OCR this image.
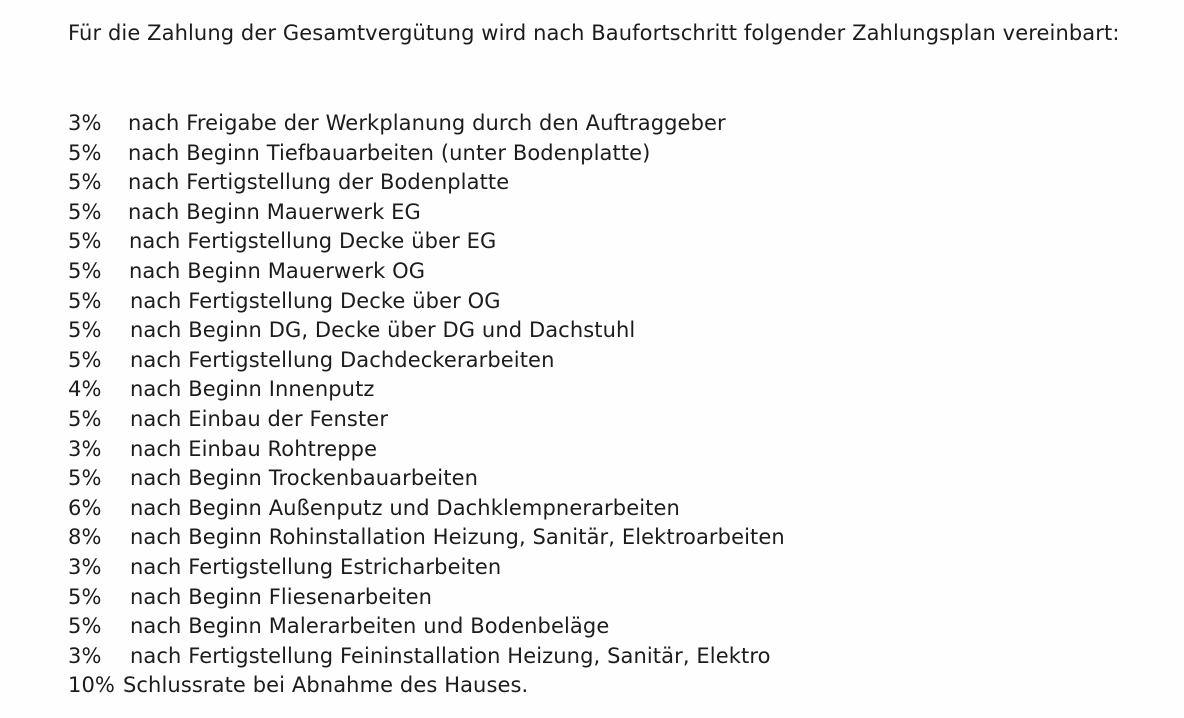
Für die Zahlung der Gesamtvergütung wird nach Baufortschritt folgender Zahlungsplan vereinbart:
3%	nach Freigabe der Werkplanung durch den Auftraggeber
5%	nach Beginn Tiefbauarbeiten (unter Bodenplatte)
5%	nach Fertigstellung der Bodenplatte
5%	nach Beginn Mauerwerk EG
5%	nach Fertigstellung Decke über EG
5%	nach Beginn Mauerwerk OG
5%	nach Fertigstellung Decke über OG
5%	nach Beginn DG, Decke über DG und Dachstuhl
5%	nach Fertigstellung Dachdeckerarbeiten
4%	nach Beginn Innenputz
5%	nach Einbau der Fenster
3%	nach Einbau Rohtreppe
5%	nach Beginn Trockenbauarbeiten
6%	nach Beginn Außenputz und Dachklempnerarbeiten
8%	nach Beginn Rohinstallation Heizung, Sanitär, Elektroarbeiten
3%	nach Fertigstellung Estricharbeiten
5%	nach Beginn Fliesenarbeiten
5%	nach Beginn Malerarbeiten und Bodenbeläge
3%	nach Fertigstellung Feininstallation Heizung, Sanitär, Elektro
10% Schlussrate bei Abnahme des Hauses.
